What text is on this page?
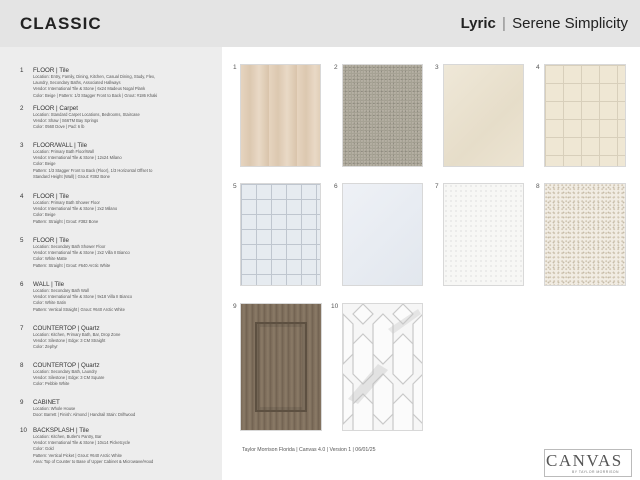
CLASSIC	Lyric | Serene Simplicity
1 FLOOR | Tile
Location: Entry, Family, Dining, Kitchen, Casual Dining, Study, Flex,
Laundry, Secondary Baths, Associated Hallways
Vendor: International Tile & Stone | 6x24 Madeus Nogal Plank
Color: Beige | Pattern: 1/3 Stagger Front to Back | Grout: #186 Khaki
2 FLOOR | Carpet
Location: Standard Carpet Locations, Bedrooms, Staircase
Vendor: Shaw | S66TM Bay Springs
Color: 0560 Dove | Pad: 6 lb
3 FLOOR/WALL | Tile
Location: Primary Bath Floor/Wall
Vendor: International Tile & Stone | 12x24 Milano
Color: Beige
Pattern: 1/3 Stagger Front to Back (Floor), 1/3 Horizontal Offset to
Standard Height (Wall) | Grout: #382 Bone
4 FLOOR | Tile
Location: Primary Bath Shower Floor
Vendor: International Tile & Stone | 2x2 Milano
Color: Beige
Pattern: Straight | Grout: #382 Bone
5 FLOOR | Tile
Location: Secondary Bath Shower Floor
Vendor: International Tile & Stone | 2x2 Villa II Bianco
Color: White Matte
Pattern: Straight | Grout: #640 Arctic White
6 WALL | Tile
Location: Secondary Bath Wall
Vendor: International Tile & Stone | 9x18 Villa II Bianco
Color: White Satin
Pattern: Vertical Straight | Grout: #640 Arctic White
7 COUNTERTOP | Quartz
Location: Kitchen, Primary Bath, Bar, Drop Zone
Vendor: Silestone | Edge: 3 CM Straight
Color: Zephyr
8 COUNTERTOP | Quartz
Location: Secondary Bath, Laundry
Vendor: Silestone | Edge: 3 CM Square
Color: Pebble White
9 CABINET
Location: Whole House
Door: Barrett | Finish: Almond | Handrail Stain: Driftwood
10 BACKSPLASH | Tile
Location: Kitchen, Butler's Pantry, Bar
Vendor: International Tile & Stone | 10x14 Picketcycle
Color: Gold
Pattern: Vertical Picket | Grout: #640 Arctic White
Area: Top of Counter to Base of Upper Cabinet & Microwave/Hood
1	2	3	4
5	6	7	8
9	10
Taylor Morrison Florida | Canvas 4.0 | Version 1 | 06/01/25
CANVAS
BY TAYLOR MORRISON
